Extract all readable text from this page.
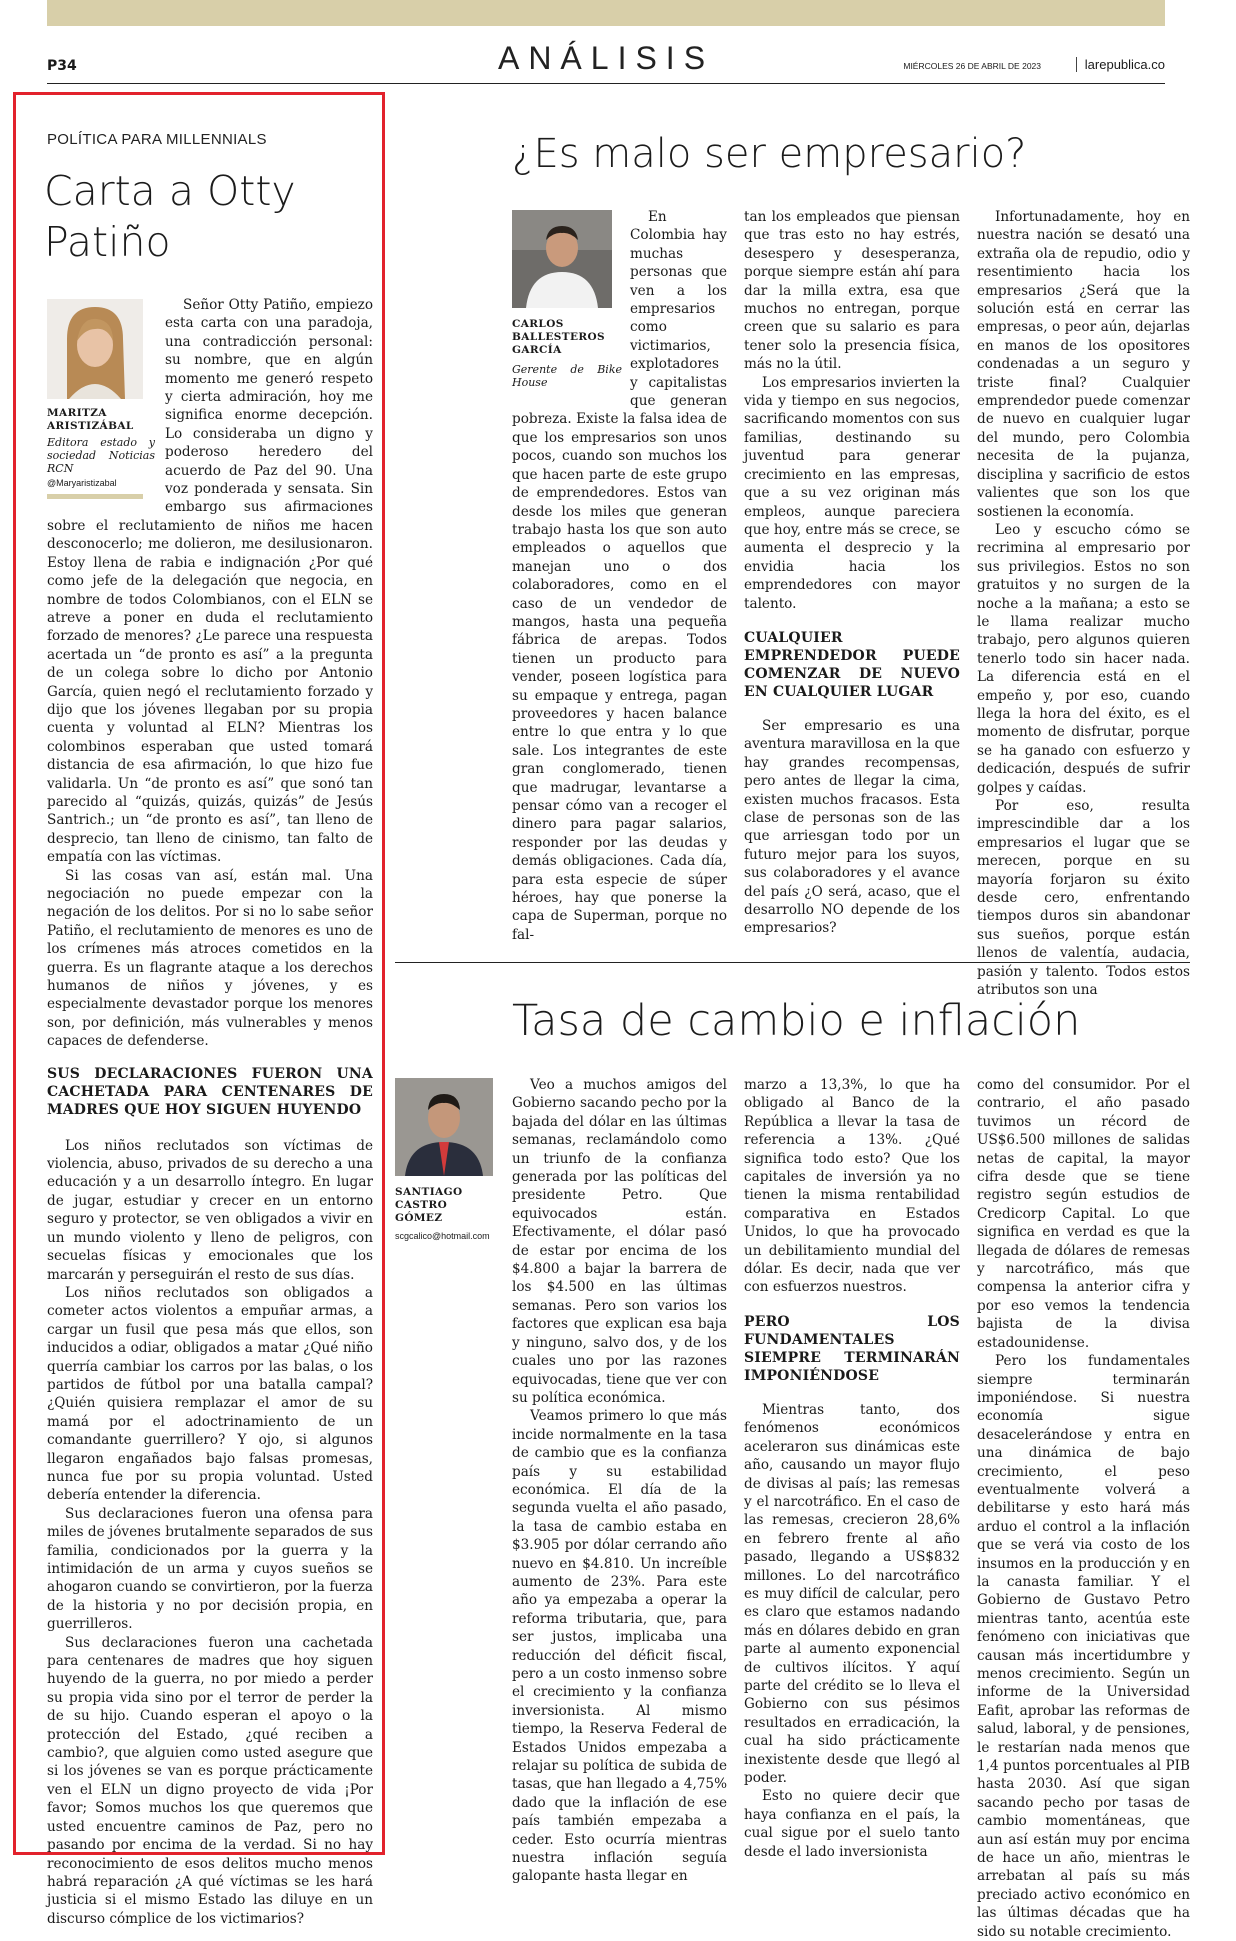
P34	ANÁLISIS	MIÉRCOLES 26 DE ABRIL DE 2023	larepublica.co
POLÍTICA PARA MILLENNIALS
Carta a Otty Patiño
MARITZA ARISTIZÁBAL
Editora estado y sociedad Noticias RCN
@Maryaristizabal

Señor Otty Patiño, empiezo esta carta con una paradoja, una contradicción personal: su nombre, que en algún momento me generó respeto y cierta admiración, hoy me significa enorme decepción. Lo consideraba un digno y poderoso heredero del acuerdo de Paz del 90. Una voz ponderada y sensata. Sin embargo sus afirmaciones sobre el reclutamiento de niños me hacen desconocerlo; me dolieron, me desilusionaron. Estoy llena de rabia e indignación ¿Por qué como jefe de la delegación que negocia, en nombre de todos Colombianos, con el ELN se atreve a poner en duda el reclutamiento forzado de menores? ¿Le parece una respuesta acertada un “de pronto es así” a la pregunta de un colega sobre lo dicho por Antonio García, quien negó el reclutamiento forzado y dijo que los jóvenes llegaban por su propia cuenta y voluntad al ELN? Mientras los colombinos esperaban que usted tomará distancia de esa afirmación, lo que hizo fue validarla. Un “de pronto es así” que sonó tan parecido al “quizás, quizás, quizás” de Jesús Santrich.; un “de pronto es así”, tan lleno de desprecio, tan lleno de cinismo, tan falto de empatía con las víctimas.

Si las cosas van así, están mal. Una negociación no puede empezar con la negación de los delitos. Por si no lo sabe señor Patiño, el reclutamiento de menores es uno de los crímenes más atroces cometidos en la guerra. Es un flagrante ataque a los derechos humanos de niños y jóvenes, y es especialmente devastador porque los menores son, por definición, más vulnerables y menos capaces de defenderse.

SUS DECLARACIONES FUERON UNA CACHETADA PARA CENTENARES DE MADRES QUE HOY SIGUEN HUYENDO

Los niños reclutados son víctimas de violencia, abuso, privados de su derecho a una educación y a un desarrollo íntegro. En lugar de jugar, estudiar y crecer en un entorno seguro y protector, se ven obligados a vivir en un mundo violento y lleno de peligros, con secuelas físicas y emocionales que los marcarán y perseguirán el resto de sus días.

Los niños reclutados son obligados a cometer actos violentos a empuñar armas, a cargar un fusil que pesa más que ellos, son inducidos a odiar, obligados a matar ¿Qué niño querría cambiar los carros por las balas, o los partidos de fútbol por una batalla campal? ¿Quién quisiera remplazar el amor de su mamá por el adoctrinamiento de un comandante guerrillero? Y ojo, si algunos llegaron engañados bajo falsas promesas, nunca fue por su propia voluntad. Usted debería entender la diferencia.

Sus declaraciones fueron una ofensa para miles de jóvenes brutalmente separados de sus familia, condicionados por la guerra y la intimidación de un arma y cuyos sueños se ahogaron cuando se convirtieron, por la fuerza de la historia y no por decisión propia, en guerrilleros.

Sus declaraciones fueron una cachetada para centenares de madres que hoy siguen huyendo de la guerra, no por miedo a perder su propia vida sino por el terror de perder la de su hijo. Cuando esperan el apoyo o la protección del Estado, ¿qué reciben a cambio?, que alguien como usted asegure que si los jóvenes se van es porque prácticamente ven el ELN un digno proyecto de vida ¡Por favor; Somos muchos los que queremos que usted encuentre caminos de Paz, pero no pasando por encima de la verdad. Si no hay reconocimiento de esos delitos mucho menos habrá reparación ¿A qué víctimas se les hará justicia si el mismo Estado las diluye en un discurso cómplice de los victimarios?

¿Es malo ser empresario?
CARLOS BALLESTEROS GARCÍA
Gerente de Bike House

En Colombia hay muchas personas que ven a los empresarios como victimarios, explotadores y capitalistas que generan pobreza. Existe la falsa idea de que los empresarios son unos pocos, cuando son muchos los que hacen parte de este grupo de emprendedores. Estos van desde los miles que generan trabajo hasta los que son auto empleados o aquellos que manejan uno o dos colaboradores, como en el caso de un vendedor de mangos, hasta una pequeña fábrica de arepas. Todos tienen un producto para vender, poseen logística para su empaque y entrega, pagan proveedores y hacen balance entre lo que entra y lo que sale. Los integrantes de este gran conglomerado, tienen que madrugar, levantarse a pensar cómo van a recoger el dinero para pagar salarios, responder por las deudas y demás obligaciones. Cada día, para esta especie de súper héroes, hay que ponerse la capa de Superman, porque no fal-

tan los empleados que piensan que tras esto no hay estrés, desespero y desesperanza, porque siempre están ahí para dar la milla extra, esa que muchos no entregan, porque creen que su salario es para tener solo la presencia física, más no la útil.

Los empresarios invierten la vida y tiempo en sus negocios, sacrificando momentos con sus familias, destinando su juventud para generar crecimiento en las empresas, que a su vez originan más empleos, aunque pareciera que hoy, entre más se crece, se aumenta el desprecio y la envidia hacia los emprendedores con mayor talento.

CUALQUIER EMPRENDEDOR PUEDE COMENZAR DE NUEVO EN CUALQUIER LUGAR

Ser empresario es una aventura maravillosa en la que hay grandes recompensas, pero antes de llegar la cima, existen muchos fracasos. Esta clase de personas son de las que arriesgan todo por un futuro mejor para los suyos, sus colaboradores y el avance del país ¿O será, acaso, que el desarrollo NO depende de los empresarios?

Infortunadamente, hoy en nuestra nación se desató una extraña ola de repudio, odio y resentimiento hacia los empresarios ¿Será que la solución está en cerrar las empresas, o peor aún, dejarlas en manos de los opositores condenadas a un seguro y triste final? Cualquier emprendedor puede comenzar de nuevo en cualquier lugar del mundo, pero Colombia necesita de la pujanza, disciplina y sacrificio de estos valientes que son los que sostienen la economía.

Leo y escucho cómo se recrimina al empresario por sus privilegios. Estos no son gratuitos y no surgen de la noche a la mañana; a esto se le llama realizar mucho trabajo, pero algunos quieren tenerlo todo sin hacer nada. La diferencia está en el empeño y, por eso, cuando llega la hora del éxito, es el momento de disfrutar, porque se ha ganado con esfuerzo y dedicación, después de sufrir golpes y caídas.

Por eso, resulta imprescindible dar a los empresarios el lugar que se merecen, porque en su mayoría forjaron su éxito desde cero, enfrentando tiempos duros sin abandonar sus sueños, porque están llenos de valentía, audacia, pasión y talento. Todos estos atributos son una

Tasa de cambio e inflación
SANTIAGO CASTRO GÓMEZ
scgcalico@hotmail.com

Veo a muchos amigos del Gobierno sacando pecho por la bajada del dólar en las últimas semanas, reclamándolo como un triunfo de la confianza generada por las políticas del presidente Petro. Que equivocados están. Efectivamente, el dólar pasó de estar por encima de los $4.800 a bajar la barrera de los $4.500 en las últimas semanas. Pero son varios los factores que explican esa baja y ninguno, salvo dos, y de los cuales uno por las razones equivocadas, tiene que ver con su política económica.

Veamos primero lo que más incide normalmente en la tasa de cambio que es la confianza país y su estabilidad económica. El día de la segunda vuelta el año pasado, la tasa de cambio estaba en $3.905 por dólar cerrando año nuevo en $4.810. Un increíble aumento de 23%. Para este año ya empezaba a operar la reforma tributaria, que, para ser justos, implicaba una reducción del déficit fiscal, pero a un costo inmenso sobre el crecimiento y la confianza inversionista. Al mismo tiempo, la Reserva Federal de Estados Unidos empezaba a relajar su política de subida de tasas, que han llegado a 4,75% dado que la inflación de ese país también empezaba a ceder. Esto ocurría mientras nuestra inflación seguía galopante hasta llegar en

marzo a 13,3%, lo que ha obligado al Banco de la República a llevar la tasa de referencia a 13%. ¿Qué significa todo esto? Que los capitales de inversión ya no tienen la misma rentabilidad comparativa en Estados Unidos, lo que ha provocado un debilitamiento mundial del dólar. Es decir, nada que ver con esfuerzos nuestros.

PERO LOS FUNDAMENTALES SIEMPRE TERMINARÁN IMPONIÉNDOSE

Mientras tanto, dos fenómenos económicos aceleraron sus dinámicas este año, causando un mayor flujo de divisas al país; las remesas y el narcotráfico. En el caso de las remesas, crecieron 28,6% en febrero frente al año pasado, llegando a US$832 millones. Lo del narcotráfico es muy difícil de calcular, pero es claro que estamos nadando más en dólares debido en gran parte al aumento exponencial de cultivos ilícitos. Y aquí parte del crédito se lo lleva el Gobierno con sus pésimos resultados en erradicación, la cual ha sido prácticamente inexistente desde que llegó al poder.

Esto no quiere decir que haya confianza en el país, la cual sigue por el suelo tanto desde el lado inversionista

como del consumidor. Por el contrario, el año pasado tuvimos un récord de US$6.500 millones de salidas netas de capital, la mayor cifra desde que se tiene registro según estudios de Credicorp Capital. Lo que significa en verdad es que la llegada de dólares de remesas y narcotráfico, más que compensa la anterior cifra y por eso vemos la tendencia bajista de la divisa estadounidense.

Pero los fundamentales siempre terminarán imponiéndose. Si nuestra economía sigue desacelerándose y entra en una dinámica de bajo crecimiento, el peso eventualmente volverá a debilitarse y esto hará más arduo el control a la inflación que se verá via costo de los insumos en la producción y en la canasta familiar. Y el Gobierno de Gustavo Petro mientras tanto, acentúa este fenómeno con iniciativas que causan más incertidumbre y menos crecimiento. Según un informe de la Universidad Eafit, aprobar las reformas de salud, laboral, y de pensiones, le restarían nada menos que 1,4 puntos porcentuales al PIB hasta 2030. Así que sigan sacando pecho por tasas de cambio momentáneas, que aun así están muy por encima de hace un año, mientras le arrebatan al país su más preciado activo económico en las últimas décadas que ha sido su notable crecimiento.
